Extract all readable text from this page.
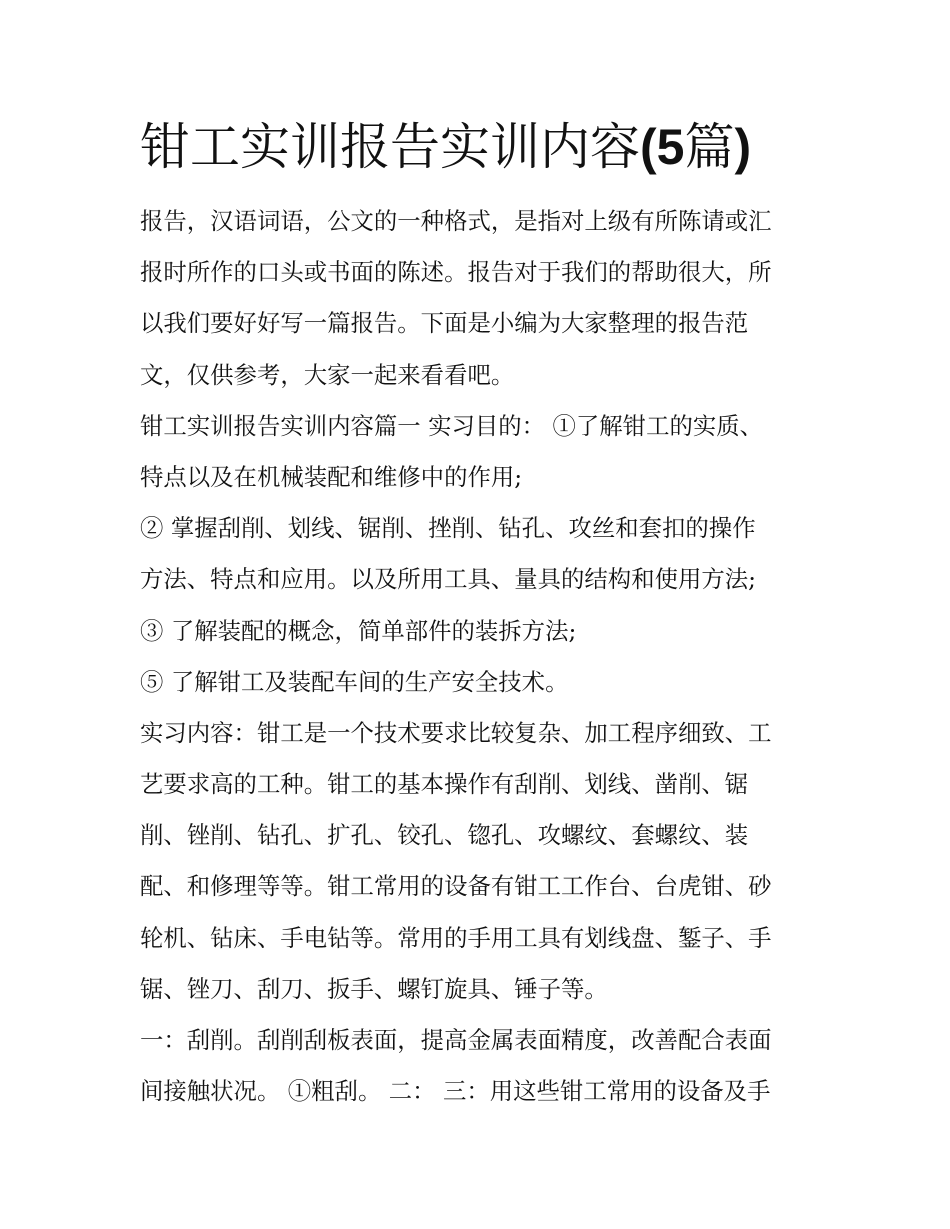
钳工实训报告实训内容(5篇)
报告，汉语词语，公文的一种格式，是指对上级有所陈请或汇
报时所作的口头或书面的陈述。报告对于我们的帮助很大，所
以我们要好好写一篇报告。下面是小编为大家整理的报告范
文，仅供参考，大家一起来看看吧。
钳工实训报告实训内容篇一 实习目的： ①了解钳工的实质、
特点以及在机械装配和维修中的作用;
② 掌握刮削、划线、锯削、挫削、钻孔、攻丝和套扣的操作
方法、特点和应用。以及所用工具、量具的结构和使用方法;
③ 了解装配的概念，简单部件的装拆方法;
⑤ 了解钳工及装配车间的生产安全技术。
实习内容：钳工是一个技术要求比较复杂、加工程序细致、工
艺要求高的工种。钳工的基本操作有刮削、划线、凿削、锯
削、锉削、钻孔、扩孔、铰孔、锪孔、攻螺纹、套螺纹、装
配、和修理等等。钳工常用的设备有钳工工作台、台虎钳、砂
轮机、钻床、手电钻等。常用的手用工具有划线盘、錾子、手
锯、锉刀、刮刀、扳手、螺钉旋具、锤子等。
一：刮削。刮削刮板表面，提高金属表面精度，改善配合表面
间接触状况。 ①粗刮。 二： 三：用这些钳工常用的设备及手
